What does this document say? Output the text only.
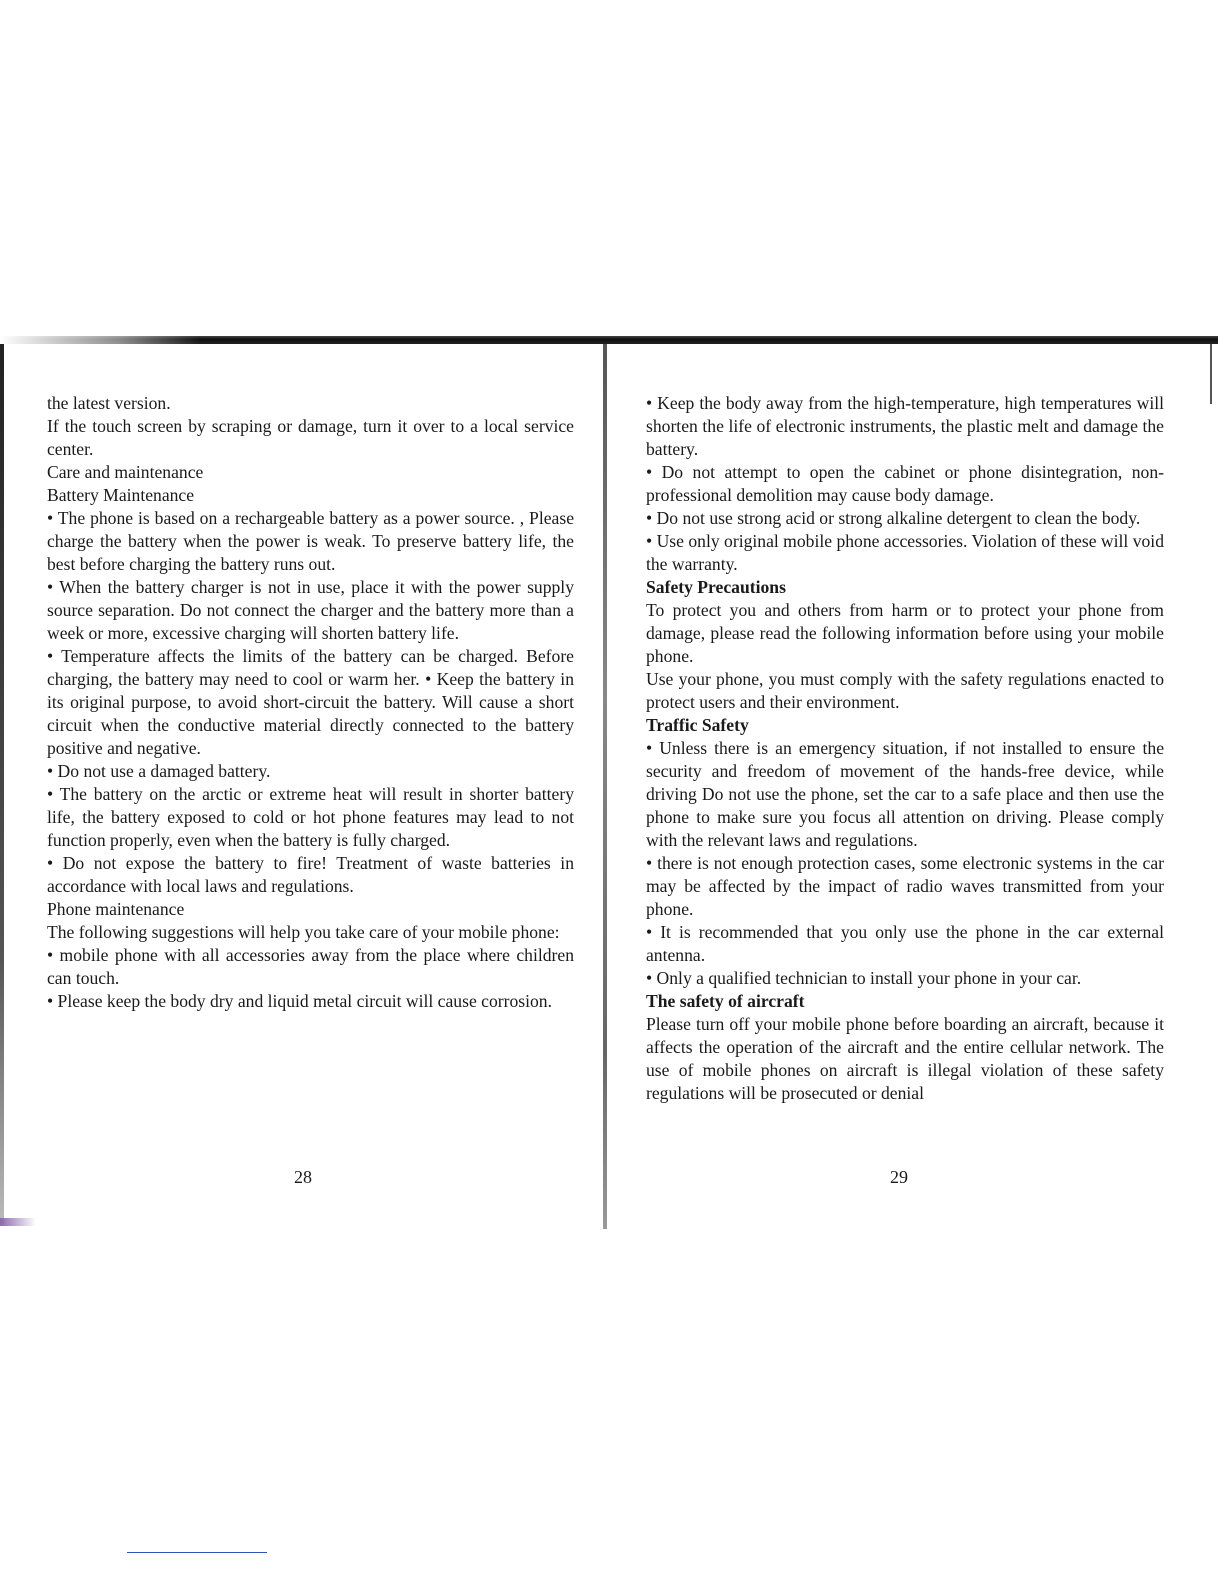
the latest version.

If the touch screen by scraping or damage, turn it over to a local service center.

Care and maintenance

Battery Maintenance

• The phone is based on a rechargeable battery as a power source. , Please charge the battery when the power is weak. To preserve battery life, the best before charging the battery runs out.

• When the battery charger is not in use, place it with the power supply source separation. Do not connect the charger and the battery more than a week or more, excessive charging will shorten battery life.

• Temperature affects the limits of the battery can be charged. Before charging, the battery may need to cool or warm her. • Keep the battery in its original purpose, to avoid short-circuit the battery. Will cause a short circuit when the conductive material directly connected to the battery positive and negative.

• Do not use a damaged battery.

• The battery on the arctic or extreme heat will result in shorter battery life, the battery exposed to cold or hot phone features may lead to not function properly, even when the battery is fully charged.

• Do not expose the battery to fire! Treatment of waste batteries in accordance with local laws and regulations.

Phone maintenance

The following suggestions will help you take care of your mobile phone:

• mobile phone with all accessories away from the place where children can touch.

• Please keep the body dry and liquid metal circuit will cause corrosion.

28

• Keep the body away from the high-temperature, high temperatures will shorten the life of electronic instruments, the plastic melt and damage the battery.

• Do not attempt to open the cabinet or phone disintegration, non-professional demolition may cause body damage.

• Do not use strong acid or strong alkaline detergent to clean the body.

• Use only original mobile phone accessories. Violation of these will void the warranty.

Safety Precautions

To protect you and others from harm or to protect your phone from damage, please read the following information before using your mobile phone.

Use your phone, you must comply with the safety regulations enacted to protect users and their environment.

Traffic Safety

• Unless there is an emergency situation, if not installed to ensure the security and freedom of movement of the hands-free device, while driving Do not use the phone, set the car to a safe place and then use the phone to make sure you focus all attention on driving. Please comply with the relevant laws and regulations.

• there is not enough protection cases, some electronic systems in the car may be affected by the impact of radio waves transmitted from your phone.

• It is recommended that you only use the phone in the car external antenna.

• Only a qualified technician to install your phone in your car.

The safety of aircraft

Please turn off your mobile phone before boarding an aircraft, because it affects the operation of the aircraft and the entire cellular network. The use of mobile phones on aircraft is illegal violation of these safety regulations will be prosecuted or denial

29
